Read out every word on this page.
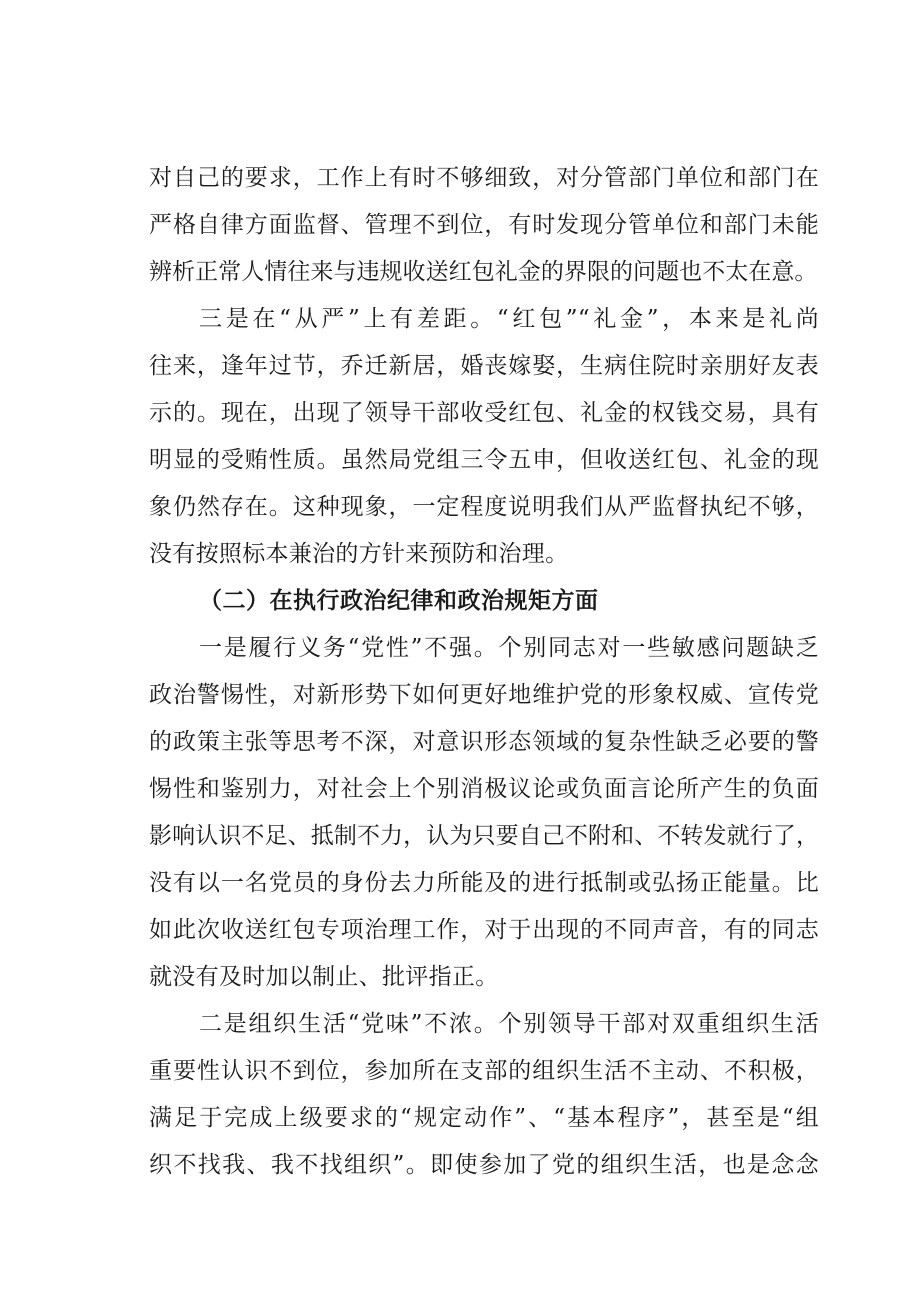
对自己的要求，工作上有时不够细致，对分管部门单位和部门在
严格自律方面监督、管理不到位，有时发现分管单位和部门未能
辨析正常人情往来与违规收送红包礼金的界限的问题也不太在意。
三是在“从严”上有差距。“红包”“礼金”，本来是礼尚
往来，逢年过节，乔迁新居，婚丧嫁娶，生病住院时亲朋好友表
示的。现在，出现了领导干部收受红包、礼金的权钱交易，具有
明显的受贿性质。虽然局党组三令五申，但收送红包、礼金的现
象仍然存在。这种现象，一定程度说明我们从严监督执纪不够，
没有按照标本兼治的方针来预防和治理。
（二）在执行政治纪律和政治规矩方面
一是履行义务“党性”不强。个别同志对一些敏感问题缺乏
政治警惕性，对新形势下如何更好地维护党的形象权威、宣传党
的政策主张等思考不深，对意识形态领域的复杂性缺乏必要的警
惕性和鉴别力，对社会上个别消极议论或负面言论所产生的负面
影响认识不足、抵制不力，认为只要自己不附和、不转发就行了，
没有以一名党员的身份去力所能及的进行抵制或弘扬正能量。比
如此次收送红包专项治理工作，对于出现的不同声音，有的同志
就没有及时加以制止、批评指正。
二是组织生活“党味”不浓。个别领导干部对双重组织生活
重要性认识不到位，参加所在支部的组织生活不主动、不积极，
满足于完成上级要求的“规定动作”、“基本程序”，甚至是“组
织不找我、我不找组织”。即使参加了党的组织生活，也是念念
